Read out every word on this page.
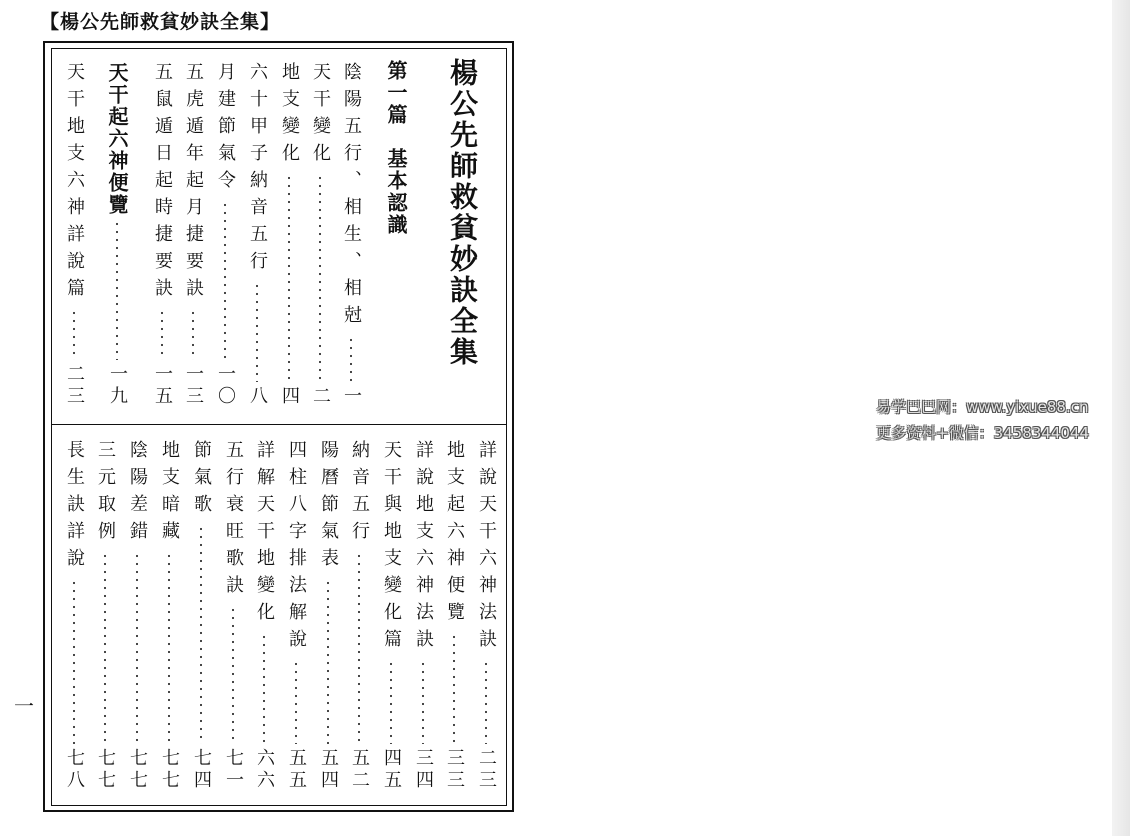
【楊公先師救貧妙訣全集】
楊公先師救貧妙訣全集
第一篇　基本認識
陰陽五行、相生、相尅
一
天干變化
二
地支變化
四
六十甲子納音五行
八
月建節氣令
一〇
五虎遁年起月捷要訣
一三
五鼠遁日起時捷要訣
一五
天干起六神便覽
一九
天干地支六神詳說篇
二三
詳說天干六神法訣
二三
地支起六神便覽
三三
詳說地支六神法訣
三四
天干與地支變化篇
四五
納音五行
五二
陽曆節氣表
五四
四柱八字排法解說
五五
詳解天干地變化
六六
五行衰旺歌訣
七一
節氣歌
七四
地支暗藏
七七
陰陽差錯
七七
三元取例
七七
長生訣詳說
七八
一
易学巴巴网：www.yixue88.cn
更多资料+微信：3458344044
